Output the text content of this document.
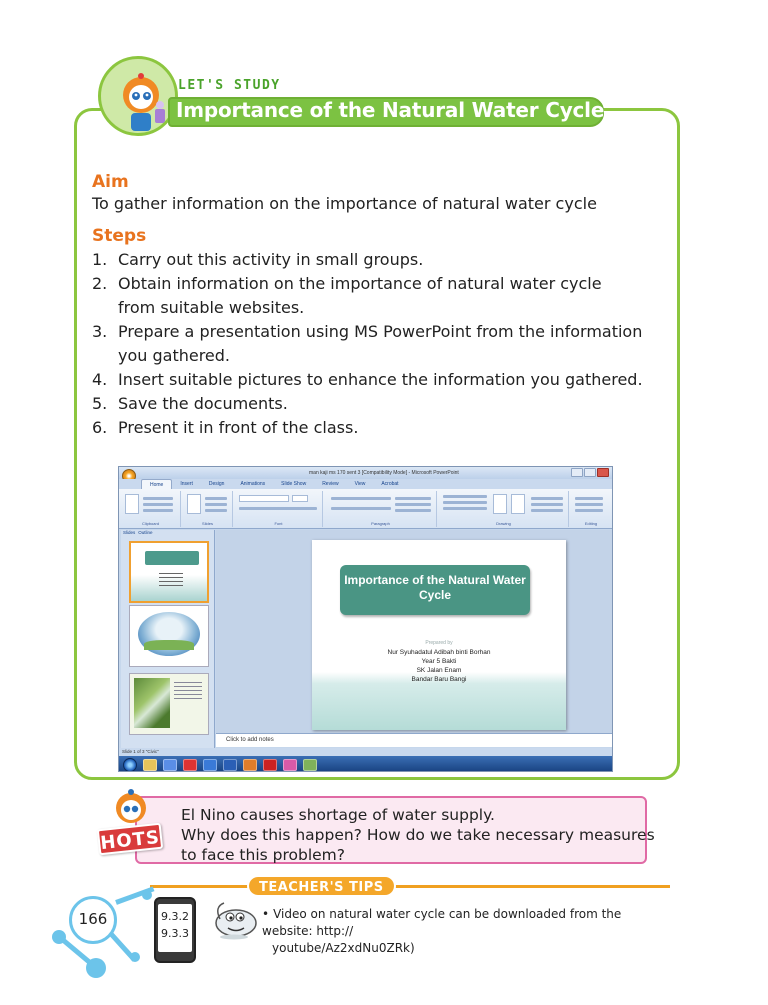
LET'S STUDY
Importance of the Natural Water Cycle
Aim
To gather information on the importance of natural water cycle
Steps
1. Carry out this activity in small groups.
2. Obtain information on the importance of natural water cycle
from suitable websites.
3. Prepare a presentation using MS PowerPoint from the information
you gathered.
4. Insert suitable pictures to enhance the information you gathered.
5. Save the documents.
6. Present it in front of the class.
man kaji ms 170 sent 3 [Compatibility Mode] - Microsoft PowerPoint
Home	Insert	Design	Animations	Slide Show	Review	View	Acrobat
Clipboard	Slides	Font	Paragraph	Drawing	Editing
Slides Outline
Importance of the Natural Water Cycle
Prepared by
Nur Syuhadatul Adibah binti Borhan
Year 5 Bakti
SK Jalan Enam
Bandar Baru Bangi
Click to add notes
Slide 1 of 3 "Civic"
HOTS
El Nino causes shortage of water supply.
Why does this happen? How do we take necessary measures
to face this problem?
TEACHER'S TIPS
• Video on natural water cycle can be downloaded from the website: http://
youtube/Az2xdNu0ZRk)
166	9.3.2
9.3.3
